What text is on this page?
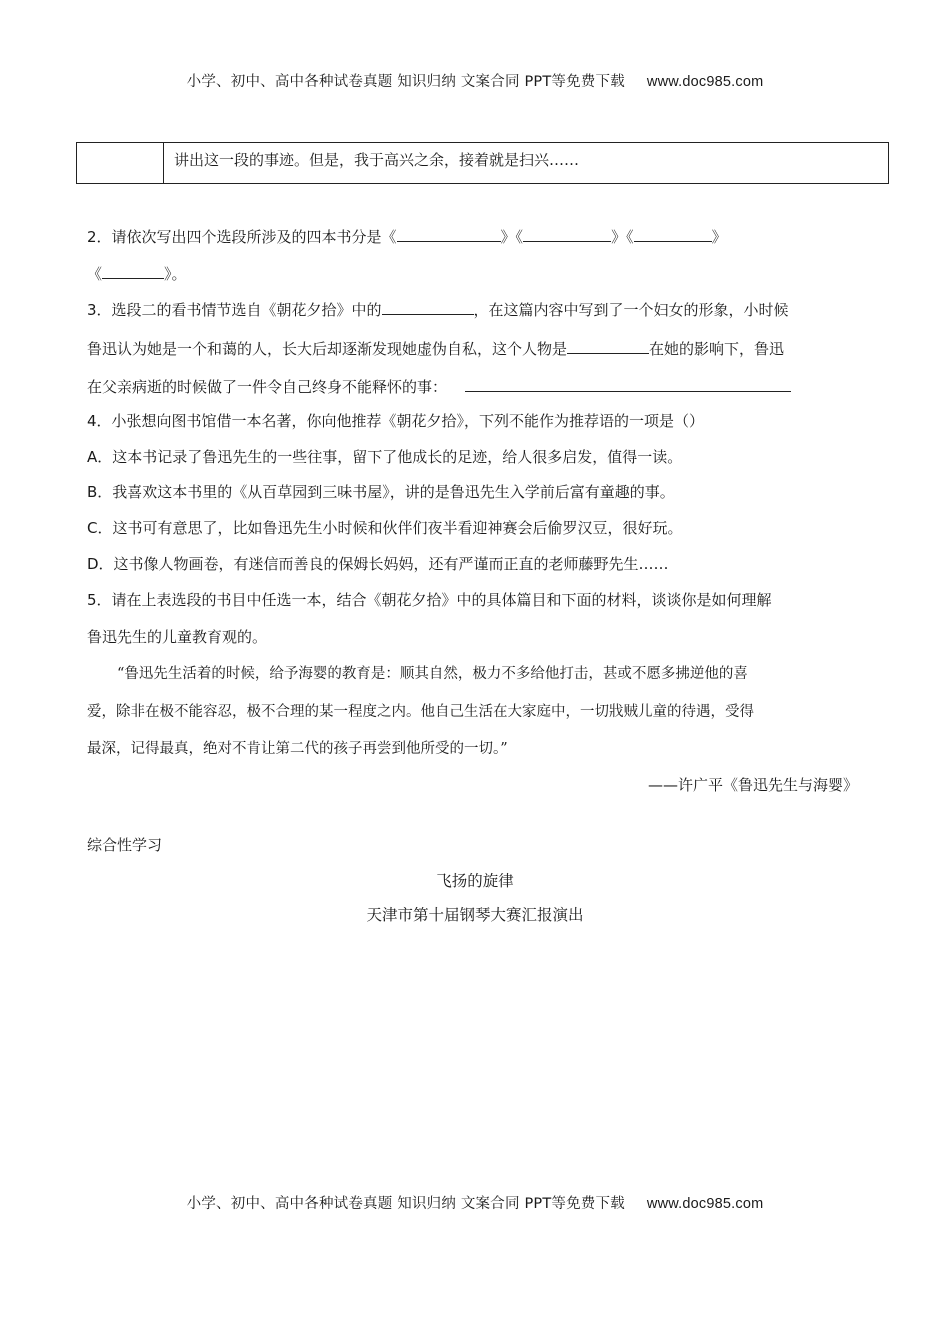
小学、初中、高中各种试卷真题 知识归纳 文案合同 PPT等免费下载 www.doc985.com
讲出这一段的事迹。但是，我于高兴之余，接着就是扫兴……
2．请依次写出四个选段所涉及的四本书分是《	》《	》《	》
《	》。
3．选段二的看书情节选自《朝花夕拾》中的	，在这篇内容中写到了一个妇女的形象，小时候
鲁迅认为她是一个和蔼的人，长大后却逐渐发现她虚伪自私，这个人物是	在她的影响下，鲁迅
在父亲病逝的时候做了一件令自己终身不能释怀的事：
4．小张想向图书馆借一本名著，你向他推荐《朝花夕拾》，下列不能作为推荐语的一项是（）
A．这本书记录了鲁迅先生的一些往事，留下了他成长的足迹，给人很多启发，值得一读。
B．我喜欢这本书里的《从百草园到三味书屋》，讲的是鲁迅先生入学前后富有童趣的事。
C．这书可有意思了，比如鲁迅先生小时候和伙伴们夜半看迎神赛会后偷罗汉豆，很好玩。
D．这书像人物画卷，有迷信而善良的保姆长妈妈，还有严谨而正直的老师藤野先生……
5．请在上表选段的书目中任选一本，结合《朝花夕拾》中的具体篇目和下面的材料，谈谈你是如何理解
鲁迅先生的儿童教育观的。
“鲁迅先生活着的时候，给予海婴的教育是：顺其自然，极力不多给他打击，甚或不愿多拂逆他的喜
爱，除非在极不能容忍，极不合理的某一程度之内。他自己生活在大家庭中，一切戕贼儿童的待遇，受得
最深，记得最真，绝对不肯让第二代的孩子再尝到他所受的一切。”
——许广平《鲁迅先生与海婴》
综合性学习
飞扬的旋律
天津市第十届钢琴大赛汇报演出
小学、初中、高中各种试卷真题 知识归纳 文案合同 PPT等免费下载 www.doc985.com
